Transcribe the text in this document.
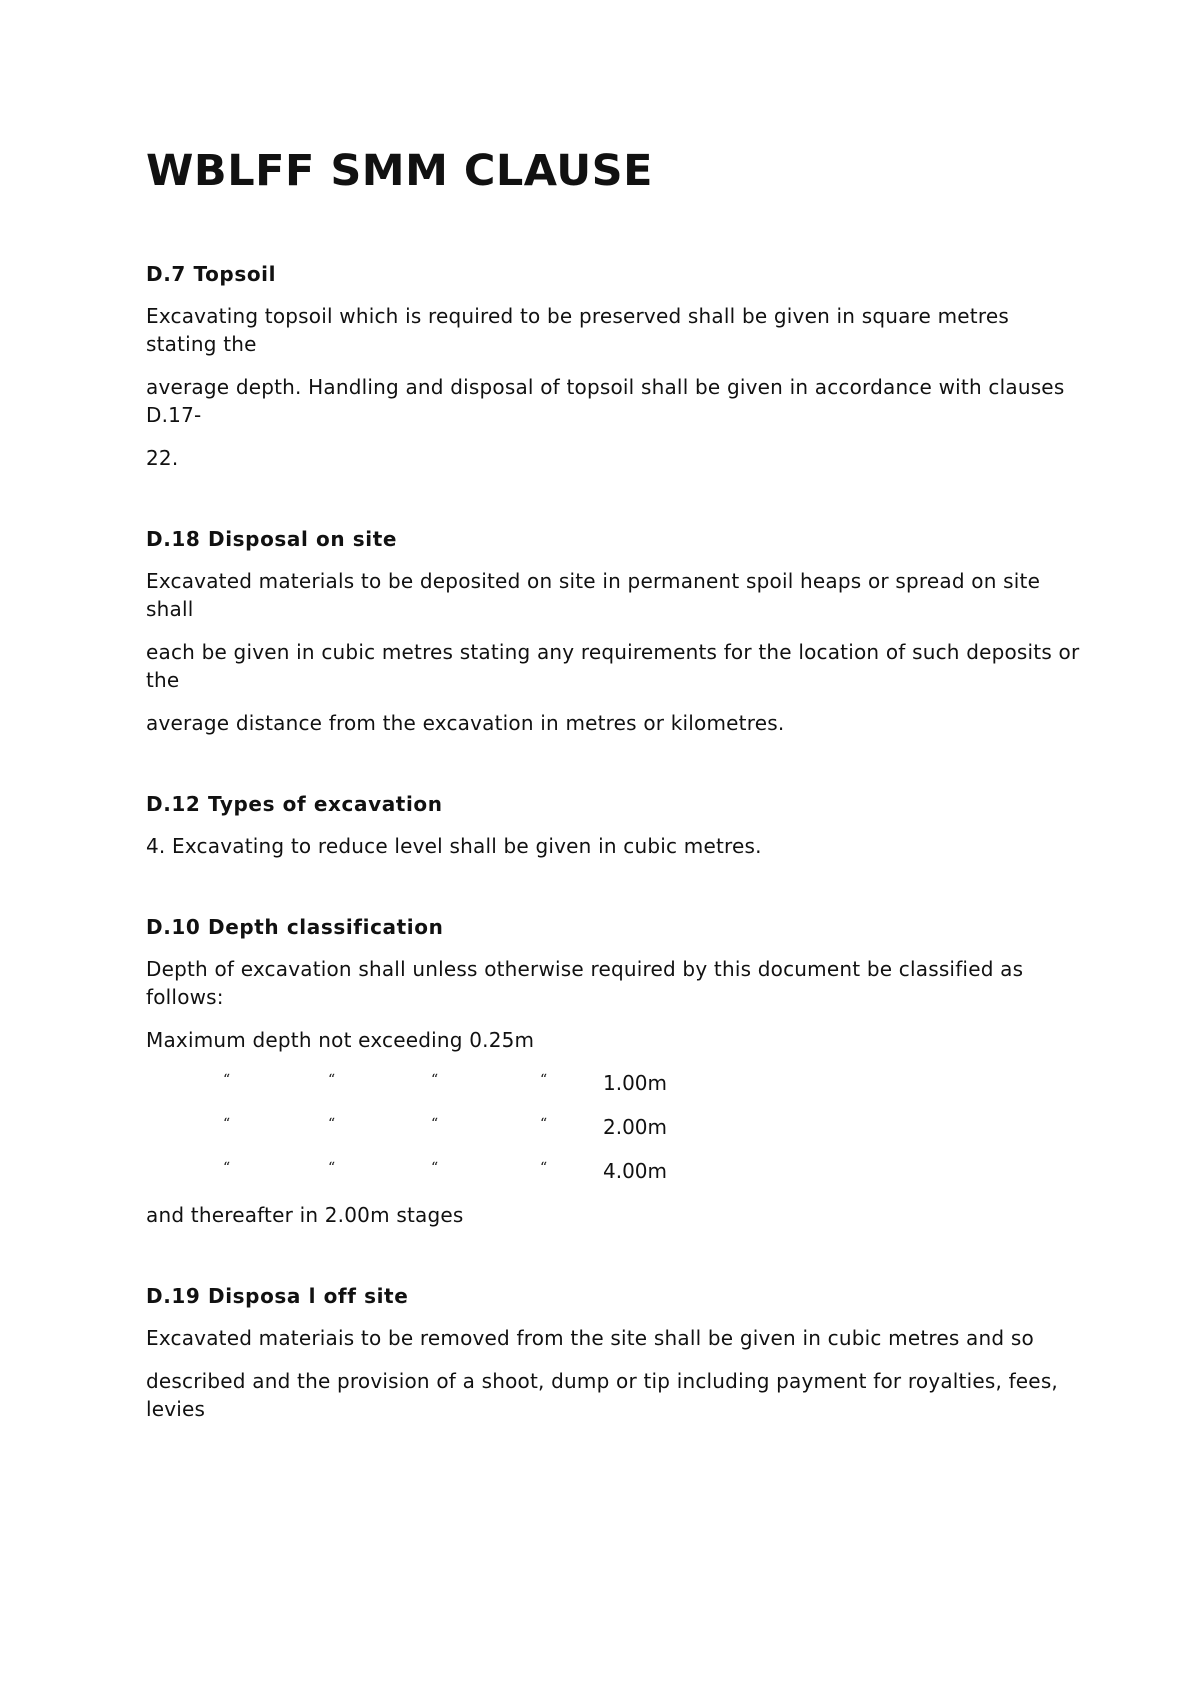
WBLFF SMM CLAUSE
D.7 Topsoil

Excavating topsoil which is required to be preserved shall be given in square metres stating the

average depth. Handling and disposal of topsoil shall be given in accordance with clauses D.17-

22.

D.18 Disposal on site

Excavated materials to be deposited on site in permanent spoil heaps or spread on site shall

each be given in cubic metres stating any requirements for the location of such deposits or the

average distance from the excavation in metres or kilometres.

D.12 Types of excavation

4. Excavating to reduce level shall be given in cubic metres.

D.10 Depth classification

Depth of excavation shall unless otherwise required by this document be classified as follows:

Maximum depth not exceeding 0.25m

“	“	“	“	1.00m
“	“	“	“	2.00m
“	“	“	“	4.00m

and thereafter in 2.00m stages

D.19 Disposa l off site

Excavated materiais to be removed from the site shall be given in cubic metres and so

described and the provision of a shoot, dump or tip including payment for royalties, fees, levies
